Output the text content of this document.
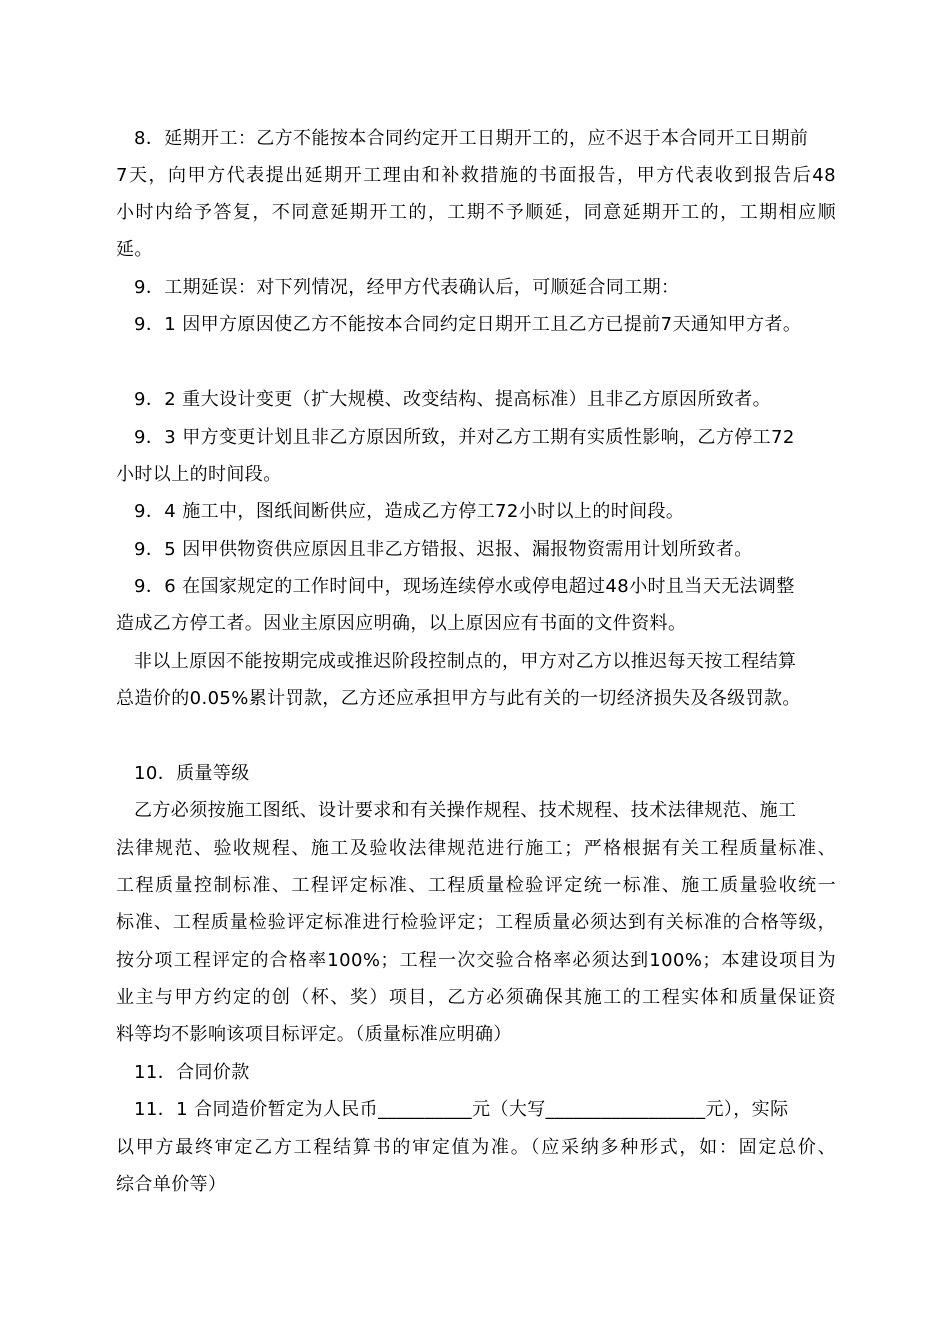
8．延期开工：乙方不能按本合同约定开工日期开工的，应不迟于本合同开工日期前
7天，向甲方代表提出延期开工理由和补救措施的书面报告，甲方代表收到报告后48
小时内给予答复，不同意延期开工的，工期不予顺延，同意延期开工的，工期相应顺
延。
9．工期延误：对下列情况，经甲方代表确认后，可顺延合同工期：
9．1 因甲方原因使乙方不能按本合同约定日期开工且乙方已提前7天通知甲方者。
9．2 重大设计变更（扩大规模、改变结构、提高标准）且非乙方原因所致者。
9．3 甲方变更计划且非乙方原因所致，并对乙方工期有实质性影响，乙方停工72
小时以上的时间段。
9．4 施工中，图纸间断供应，造成乙方停工72小时以上的时间段。
9．5 因甲供物资供应原因且非乙方错报、迟报、漏报物资需用计划所致者。
9．6 在国家规定的工作时间中，现场连续停水或停电超过48小时且当天无法调整
造成乙方停工者。因业主原因应明确，以上原因应有书面的文件资料。
非以上原因不能按期完成或推迟阶段控制点的，甲方对乙方以推迟每天按工程结算
总造价的0.05%累计罚款，乙方还应承担甲方与此有关的一切经济损失及各级罚款。
10．质量等级
乙方必须按施工图纸、设计要求和有关操作规程、技术规程、技术法律规范、施工
法律规范、验收规程、施工及验收法律规范进行施工；严格根据有关工程质量标准、
工程质量控制标准、工程评定标准、工程质量检验评定统一标准、施工质量验收统一
标准、工程质量检验评定标准进行检验评定；工程质量必须达到有关标准的合格等级，
按分项工程评定的合格率100%；工程一次交验合格率必须达到100%；本建设项目为
业主与甲方约定的创（杯、奖）项目，乙方必须确保其施工的工程实体和质量保证资
料等均不影响该项目标评定。（质量标准应明确）
11．合同价款
11．1 合同造价暂定为人民币__________元（大写_________________元），实际
以甲方最终审定乙方工程结算书的审定值为准。（应采纳多种形式，如：固定总价、
综合单价等）
